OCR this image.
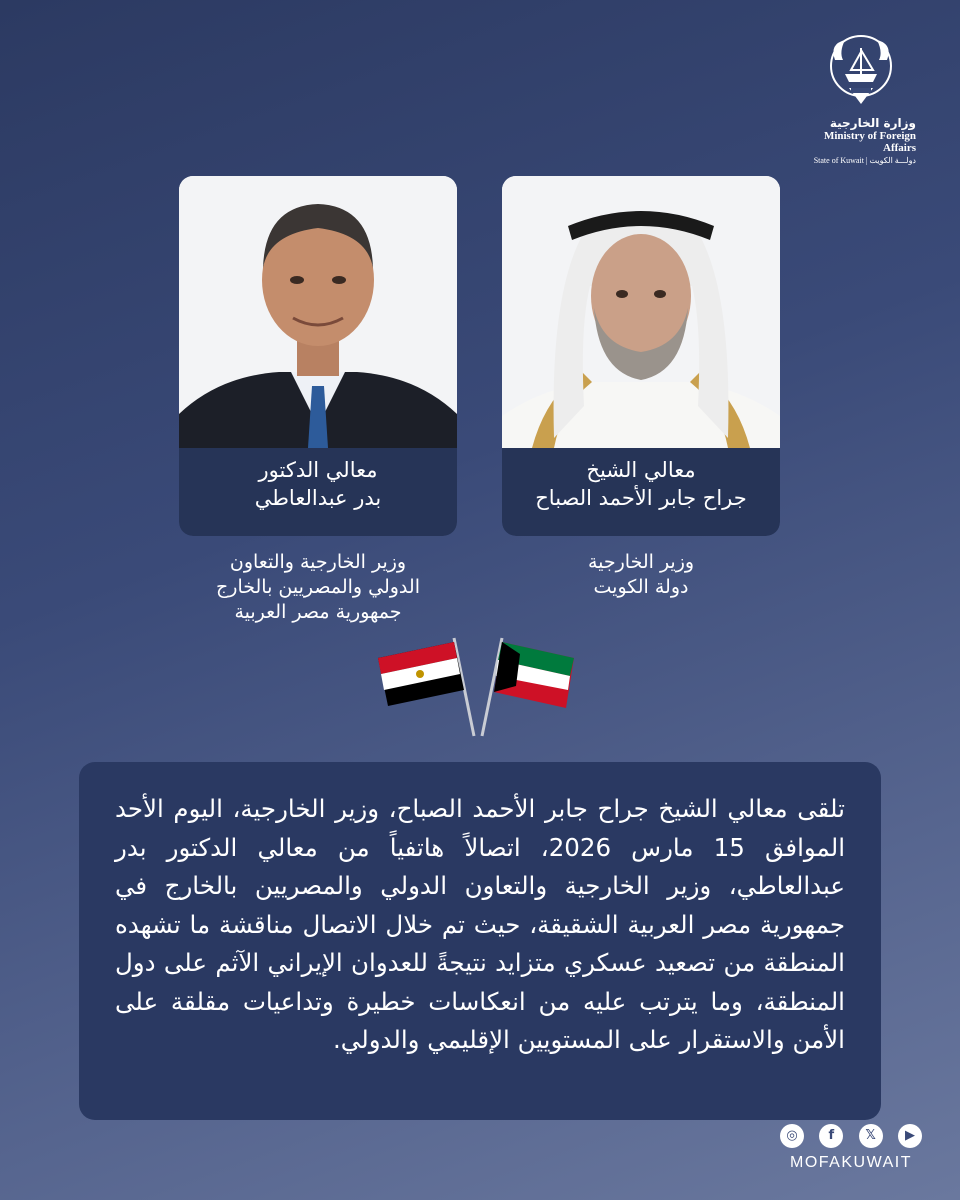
وزارة الخارجية
Ministry of Foreign Affairs
State of Kuwait | دولـــة الكويت
معالي الدكتور
بدر عبدالعاطي
معالي الشيخ
جراح جابر الأحمد الصباح
وزير الخارجية والتعاون
الدولي والمصريين بالخارج
جمهورية مصر العربية
وزير الخارجية
دولة الكويت

تلقى معالي الشيخ جراح جابر الأحمد الصباح، وزير الخارجية، اليوم الأحد الموافق 15 مارس 2026، اتصالاً هاتفياً من معالي الدكتور بدر عبدالعاطي، وزير الخارجية والتعاون الدولي والمصريين بالخارج في جمهورية مصر العربية الشقيقة، حيث تم خلال الاتصال مناقشة ما تشهده المنطقة من تصعيد عسكري متزايد نتيجةً للعدوان الإيراني الآثم على دول المنطقة، وما يترتب عليه من انعكاسات خطيرة وتداعيات مقلقة على الأمن والاستقرار على المستويين الإقليمي والدولي.

◎	f	𝕏	▶
MOFAKUWAIT
